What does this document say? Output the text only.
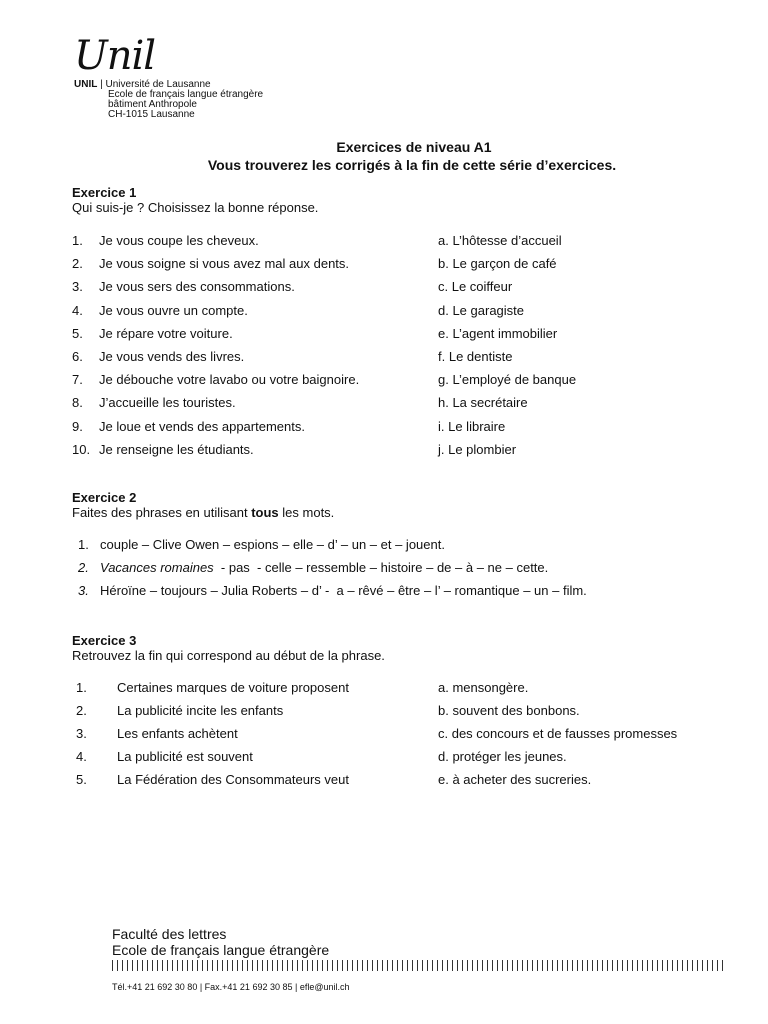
Unil
UNIL | Université de Lausanne
Ecole de français langue étrangère
bâtiment Anthropole
CH-1015 Lausanne
Exercices de niveau A1
Vous trouverez les corrigés à la fin de cette série d’exercices.
Exercice 1
Qui suis-je ? Choisissez la bonne réponse.
1. Je vous coupe les cheveux.	a. L’hôtesse d’accueil
2. Je vous soigne si vous avez mal aux dents.	b. Le garçon de café
3. Je vous sers des consommations.	c. Le coiffeur
4. Je vous ouvre un compte.	d. Le garagiste
5. Je répare votre voiture.	e. L’agent immobilier
6. Je vous vends des livres.	f. Le dentiste
7. Je débouche votre lavabo ou votre baignoire.	g. L’employé de banque
8. J’accueille les touristes.	h. La secrétaire
9. Je loue et vends des appartements.	i. Le libraire
10. Je renseigne les étudiants.	j. Le plombier
Exercice 2
Faites des phrases en utilisant tous les mots.
1. couple – Clive Owen – espions – elle – d’ – un – et – jouent.
2. Vacances romaines  - pas  - celle – ressemble – histoire – de – à – ne – cette.
3. Héroïne – toujours – Julia Roberts – d’ -  a – rêvé – être – l’ – romantique – un – film.
Exercice 3
Retrouvez la fin qui correspond au début de la phrase.
1. Certaines marques de voiture proposent	a. mensongère.
2. La publicité incite les enfants	b. souvent des bonbons.
3. Les enfants achètent	c. des concours et de fausses promesses
4. La publicité est souvent	d. protéger les jeunes.
5. La Fédération des Consommateurs veut	e. à acheter des sucreries.
Faculté des lettres
Ecole de français langue étrangère
Tél.+41 21 692 30 80 | Fax.+41 21 692 30 85 | efle@unil.ch
